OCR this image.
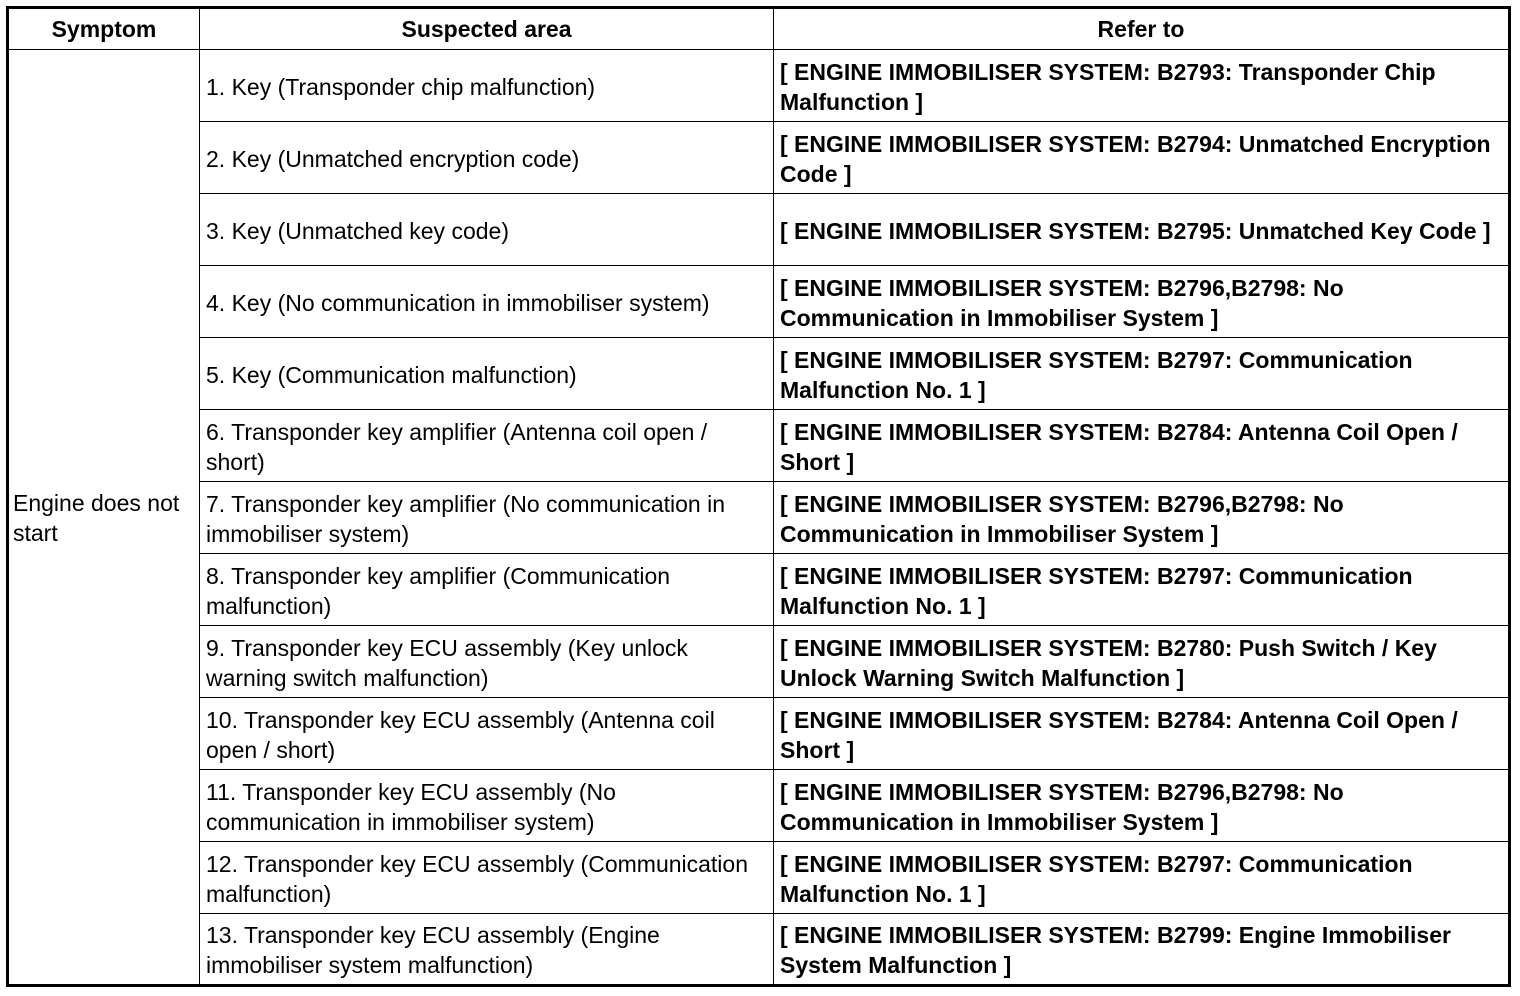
Symptom	Suspected area	Refer to
Engine does not start	1. Key (Transponder chip malfunction)	[ ENGINE IMMOBILISER SYSTEM: B2793: Transponder Chip Malfunction ]
	2. Key (Unmatched encryption code)	[ ENGINE IMMOBILISER SYSTEM: B2794: Unmatched Encryption Code ]
	3. Key (Unmatched key code)	[ ENGINE IMMOBILISER SYSTEM: B2795: Unmatched Key Code ]
	4. Key (No communication in immobiliser system)	[ ENGINE IMMOBILISER SYSTEM: B2796,B2798: No Communication in Immobiliser System ]
	5. Key (Communication malfunction)	[ ENGINE IMMOBILISER SYSTEM: B2797: Communication Malfunction No. 1 ]
	6. Transponder key amplifier (Antenna coil open / short)	[ ENGINE IMMOBILISER SYSTEM: B2784: Antenna Coil Open / Short ]
	7. Transponder key amplifier (No communication in immobiliser system)	[ ENGINE IMMOBILISER SYSTEM: B2796,B2798: No Communication in Immobiliser System ]
	8. Transponder key amplifier (Communication malfunction)	[ ENGINE IMMOBILISER SYSTEM: B2797: Communication Malfunction No. 1 ]
	9. Transponder key ECU assembly (Key unlock warning switch malfunction)	[ ENGINE IMMOBILISER SYSTEM: B2780: Push Switch / Key Unlock Warning Switch Malfunction ]
	10. Transponder key ECU assembly (Antenna coil open / short)	[ ENGINE IMMOBILISER SYSTEM: B2784: Antenna Coil Open / Short ]
	11. Transponder key ECU assembly (No communication in immobiliser system)	[ ENGINE IMMOBILISER SYSTEM: B2796,B2798: No Communication in Immobiliser System ]
	12. Transponder key ECU assembly (Communication malfunction)	[ ENGINE IMMOBILISER SYSTEM: B2797: Communication Malfunction No. 1 ]
	13. Transponder key ECU assembly (Engine immobiliser system malfunction)	[ ENGINE IMMOBILISER SYSTEM: B2799: Engine Immobiliser System Malfunction ]
